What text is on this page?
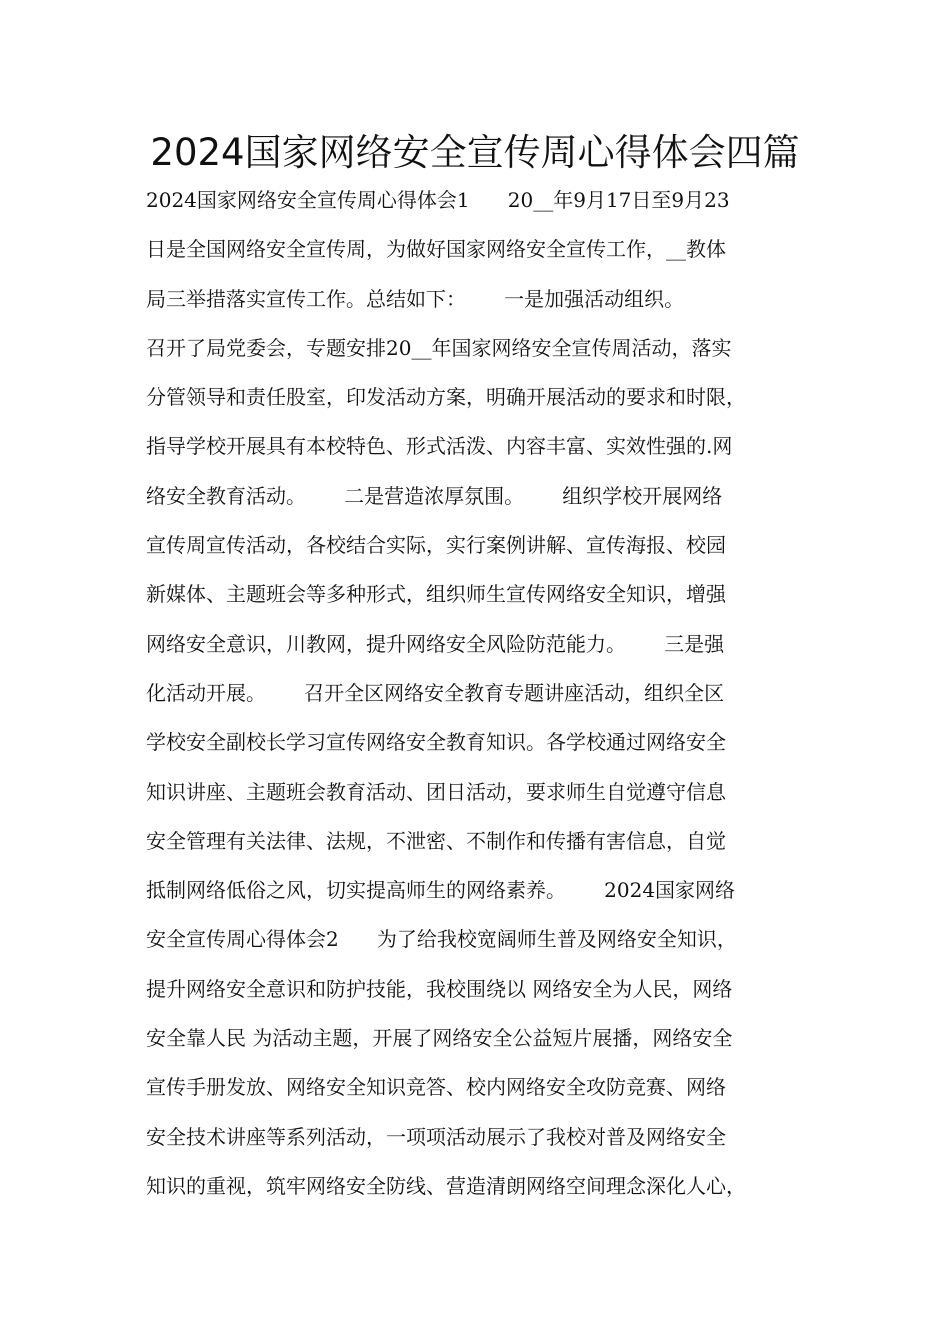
2024国家网络安全宣传周心得体会四篇
2024国家网络安全宣传周心得体会1      20__年9月17日至9月23
日是全国网络安全宣传周，为做好国家网络安全宣传工作，__教体
局三举措落实宣传工作。总结如下：      一是加强活动组织。
召开了局党委会，专题安排20__年国家网络安全宣传周活动，落实
分管领导和责任股室，印发活动方案，明确开展活动的要求和时限，
指导学校开展具有本校特色、形式活泼、内容丰富、实效性强的.网
络安全教育活动。      二是营造浓厚氛围。      组织学校开展网络
宣传周宣传活动，各校结合实际，实行案例讲解、宣传海报、校园
新媒体、主题班会等多种形式，组织师生宣传网络安全知识，增强
网络安全意识，川教网，提升网络安全风险防范能力。      三是强
化活动开展。      召开全区网络安全教育专题讲座活动，组织全区
学校安全副校长学习宣传网络安全教育知识。各学校通过网络安全
知识讲座、主题班会教育活动、团日活动，要求师生自觉遵守信息
安全管理有关法律、法规，不泄密、不制作和传播有害信息，自觉
抵制网络低俗之风，切实提高师生的网络素养。      2024国家网络
安全宣传周心得体会2      为了给我校宽阔师生普及网络安全知识，
提升网络安全意识和防护技能，我校围绕以 网络安全为人民，网络
安全靠人民 为活动主题，开展了网络安全公益短片展播，网络安全
宣传手册发放、网络安全知识竞答、校内网络安全攻防竞赛、网络
安全技术讲座等系列活动，一项项活动展示了我校对普及网络安全
知识的重视，筑牢网络安全防线、营造清朗网络空间理念深化人心，
